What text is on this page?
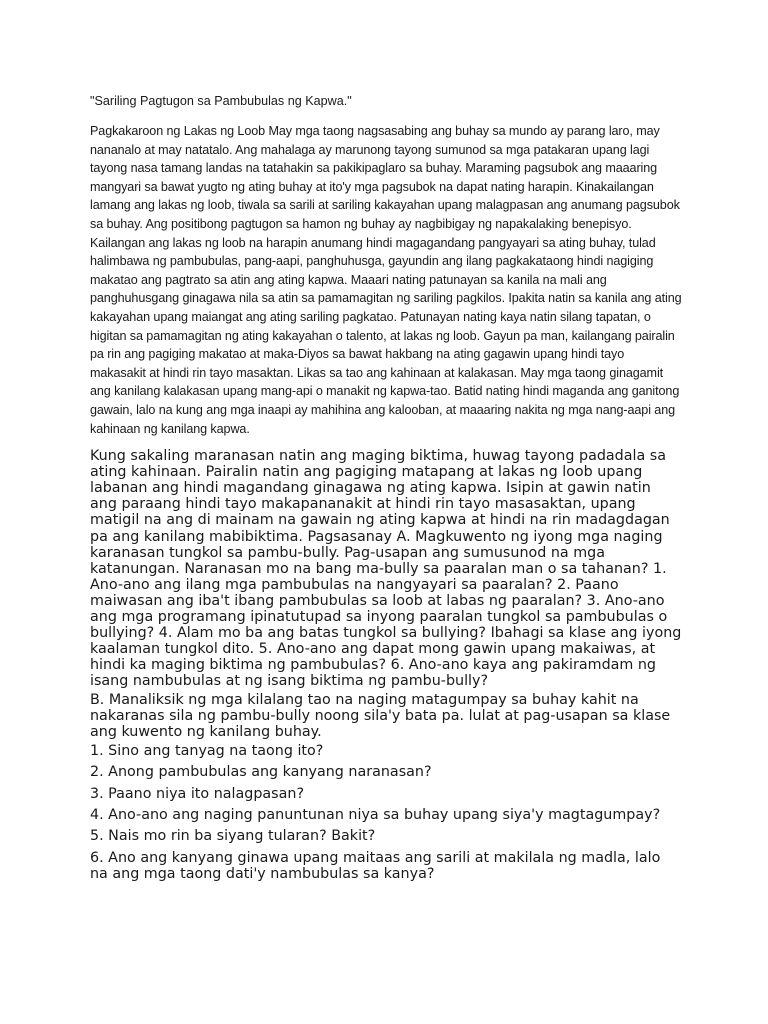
"Sariling Pagtugon sa Pambubulas ng Kapwa."

Pagkakaroon ng Lakas ng Loob May mga taong nagsasabing ang buhay sa mundo ay parang laro, may nananalo at may natatalo. Ang mahalaga ay marunong tayong sumunod sa mga patakaran upang lagi tayong nasa tamang landas na tatahakin sa pakikipaglaro sa buhay. Maraming pagsubok ang maaaring mangyari sa bawat yugto ng ating buhay at ito'y mga pagsubok na dapat nating harapin. Kinakailangan lamang ang lakas ng loob, tiwala sa sarili at sariling kakayahan upang malagpasan ang anumang pagsubok sa buhay. Ang positibong pagtugon sa hamon ng buhay ay nagbibigay ng napakalaking benepisyo. Kailangan ang lakas ng loob na harapin anumang hindi magagandang pangyayari sa ating buhay, tulad halimbawa ng pambubulas, pang-aapi, panghuhusga, gayundin ang ilang pagkakataong hindi nagiging makatao ang pagtrato sa atin ang ating kapwa. Maaari nating patunayan sa kanila na mali ang panghuhusgang ginagawa nila sa atin sa pamamagitan ng sariling pagkilos. Ipakita natin sa kanila ang ating kakayahan upang maiangat ang ating sariling pagkatao. Patunayan nating kaya natin silang tapatan, o higitan sa pamamagitan ng ating kakayahan o talento, at lakas ng loob. Gayun pa man, kailangang pairalin pa rin ang pagiging makatao at maka-Diyos sa bawat hakbang na ating gagawin upang hindi tayo makasakit at hindi rin tayo masaktan. Likas sa tao ang kahinaan at kalakasan. May mga taong ginagamit ang kanilang kalakasan upang mang-api o manakit ng kapwa-tao. Batid nating hindi maganda ang ganitong gawain, lalo na kung ang mga inaapi ay mahihina ang kalooban, at maaaring nakita ng mga nang-aapi ang kahinaan ng kanilang kapwa.

Kung sakaling maranasan natin ang maging biktima, huwag tayong padadala sa ating kahinaan. Pairalin natin ang pagiging matapang at lakas ng loob upang labanan ang hindi magandang ginagawa ng ating kapwa. Isipin at gawin natin ang paraang hindi tayo makapananakit at hindi rin tayo masasaktan, upang matigil na ang di mainam na gawain ng ating kapwa at hindi na rin madagdagan pa ang kanilang mabibiktima. Pagsasanay A. Magkuwento ng iyong mga naging karanasan tungkol sa pambu-bully. Pag-usapan ang sumusunod na mga katanungan. Naranasan mo na bang ma-bully sa paaralan man o sa tahanan? 1. Ano-ano ang ilang mga pambubulas na nangyayari sa paaralan? 2. Paano maiwasan ang iba't ibang pambubulas sa loob at labas ng paaralan? 3. Ano-ano ang mga programang ipinatutupad sa inyong paaralan tungkol sa pambubulas o bullying? 4. Alam mo ba ang batas tungkol sa bullying? Ibahagi sa klase ang iyong kaalaman tungkol dito. 5. Ano-ano ang dapat mong gawin upang makaiwas, at hindi ka maging biktima ng pambubulas? 6. Ano-ano kaya ang pakiramdam ng isang nambubulas at ng isang biktima ng pambu-bully?

B. Manaliksik ng mga kilalang tao na naging matagumpay sa buhay kahit na nakaranas sila ng pambu-bully noong sila'y bata pa. lulat at pag-usapan sa klase ang kuwento ng kanilang buhay.

1. Sino ang tanyag na taong ito?
2. Anong pambubulas ang kanyang naranasan?
3. Paano niya ito nalagpasan?
4. Ano-ano ang naging panuntunan niya sa buhay upang siya'y magtagumpay?
5. Nais mo rin ba siyang tularan? Bakit?
6. Ano ang kanyang ginawa upang maitaas ang sarili at makilala ng madla, lalo na ang mga taong dati'y nambubulas sa kanya?
